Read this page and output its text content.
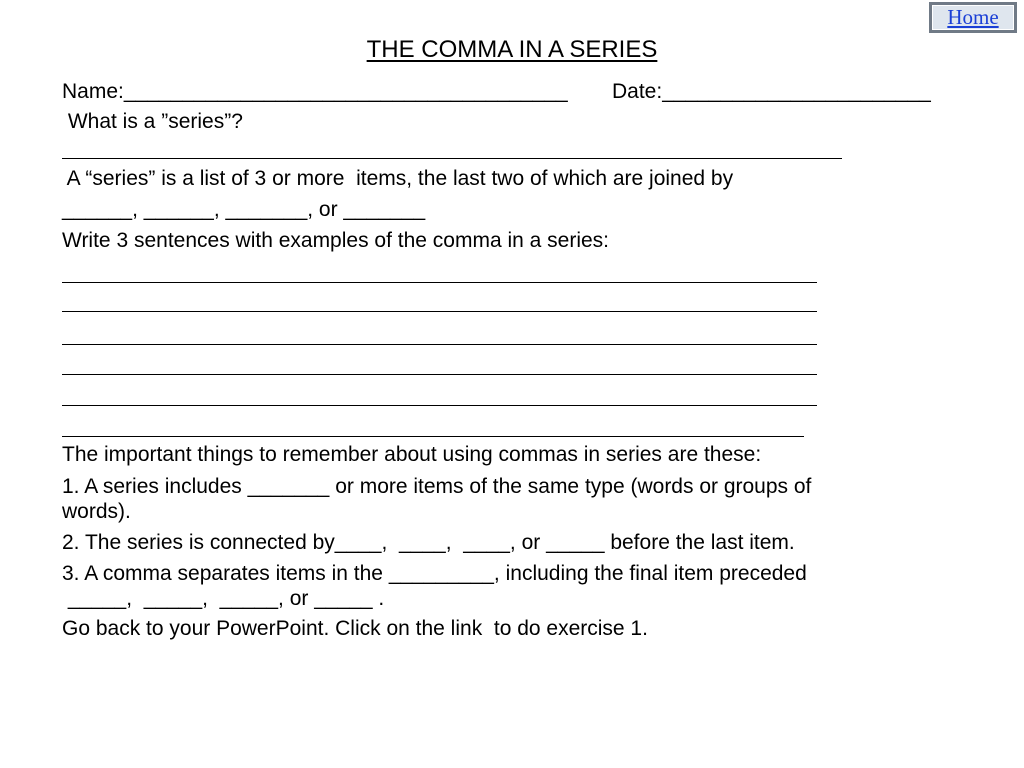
Home
THE COMMA IN A SERIES
Name:______________________________________ Date:_______________________
What is a ”series”?
A “series” is a list of 3 or more  items, the last two of which are joined by
______, ______, _______, or _______
Write 3 sentences with examples of the comma in a series:
The important things to remember about using commas in series are these:
1. A series includes _______ or more items of the same type (words or groups of
words).
2. The series is connected by____,  ____,  ____, or _____ before the last item.
3. A comma separates items in the _________, including the final item preceded
_____,  _____,  _____, or _____ .
Go back to your PowerPoint. Click on the link  to do exercise 1.
